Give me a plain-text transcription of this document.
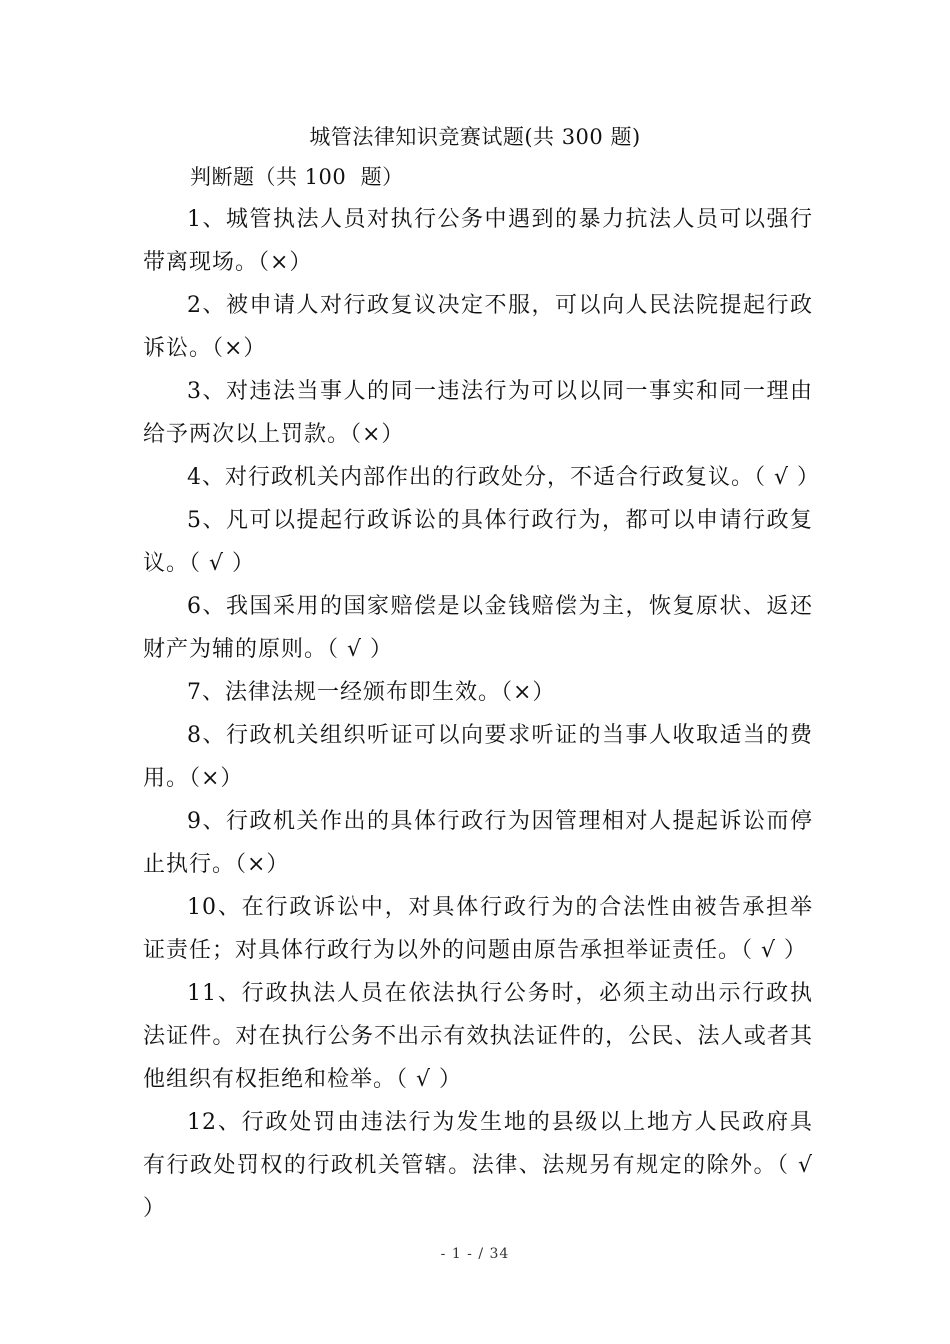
城管法律知识竞赛试题(共 300 题)
判断题（共 100  题）

1、城管执法人员对执行公务中遇到的暴力抗法人员可以强行带离现场。（×）

2、被申请人对行政复议决定不服，可以向人民法院提起行政诉讼。（×）

3、对违法当事人的同一违法行为可以以同一事实和同一理由给予两次以上罚款。（×）

4、对行政机关内部作出的行政处分，不适合行政复议。（ √ ）

5、凡可以提起行政诉讼的具体行政行为，都可以申请行政复议。（ √ ）

6、我国采用的国家赔偿是以金钱赔偿为主，恢复原状、返还财产为辅的原则。（ √ ）

7、法律法规一经颁布即生效。（×）

8、行政机关组织听证可以向要求听证的当事人收取适当的费用。（×）

9、行政机关作出的具体行政行为因管理相对人提起诉讼而停止执行。（×）

10、在行政诉讼中，对具体行政行为的合法性由被告承担举证责任；对具体行政行为以外的问题由原告承担举证责任。（ √ ）

11、行政执法人员在依法执行公务时，必须主动出示行政执法证件。对在执行公务不出示有效执法证件的，公民、法人或者其他组织有权拒绝和检举。（ √ ）

12、行政处罚由违法行为发生地的县级以上地方人民政府具有行政处罚权的行政机关管辖。法律、法规另有规定的除外。（ √ ）

- 1 - / 34
